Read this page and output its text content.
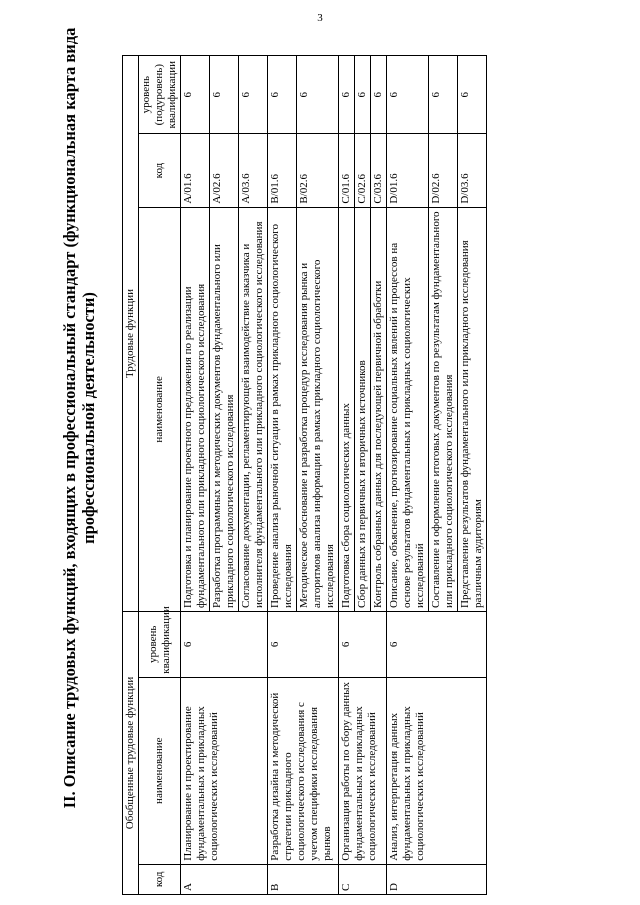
3
II. Описание трудовых функций, входящих в профессиональный стандарт (функциональная карта вида профессиональной деятельности)
Обобщенные трудовые функции			Трудовые функции		
код	наименование	уровень квалификации	наименование	код	уровень (подуровень) квалификации
A	Планирование и проектирование фундаментальных и прикладных социологических исследований	6	Подготовка и планирование проектного предложения по реализации фундаментального или прикладного социологического исследования	A/01.6	6
			Разработка программных и методических документов фундаментального или прикладного социологического исследования	A/02.6	6
			Согласование документации, регламентирующей взаимодействие заказчика и исполнителя фундаментального или прикладного социологического исследования	A/03.6	6
B	Разработка дизайна и методической стратегии прикладного социологического исследования с учетом специфики исследования рынков	6	Проведение анализа рыночной ситуации в рамках прикладного социологического исследования	B/01.6	6
			Методическое обоснование и разработка процедур исследования рынка и алгоритмов анализа информации в рамках прикладного социологического исследования	B/02.6	6
C	Организация работы по сбору данных фундаментальных и прикладных социологических исследований	6	Подготовка сбора социологических данных	C/01.6	6
			Сбор данных из первичных и вторичных источников	C/02.6	6
			Контроль собранных данных для последующей первичной обработки	C/03.6	6
D	Анализ, интерпретация данных фундаментальных и прикладных социологических исследований	6	Описание, объяснение, прогнозирование социальных явлений и процессов на основе результатов фундаментальных и прикладных социологических исследований	D/01.6	6
			Составление и оформление итоговых документов по результатам фундаментального или прикладного социологического исследования	D/02.6	6
			Представление результатов фундаментального или прикладного исследования различным аудиториям	D/03.6	6
